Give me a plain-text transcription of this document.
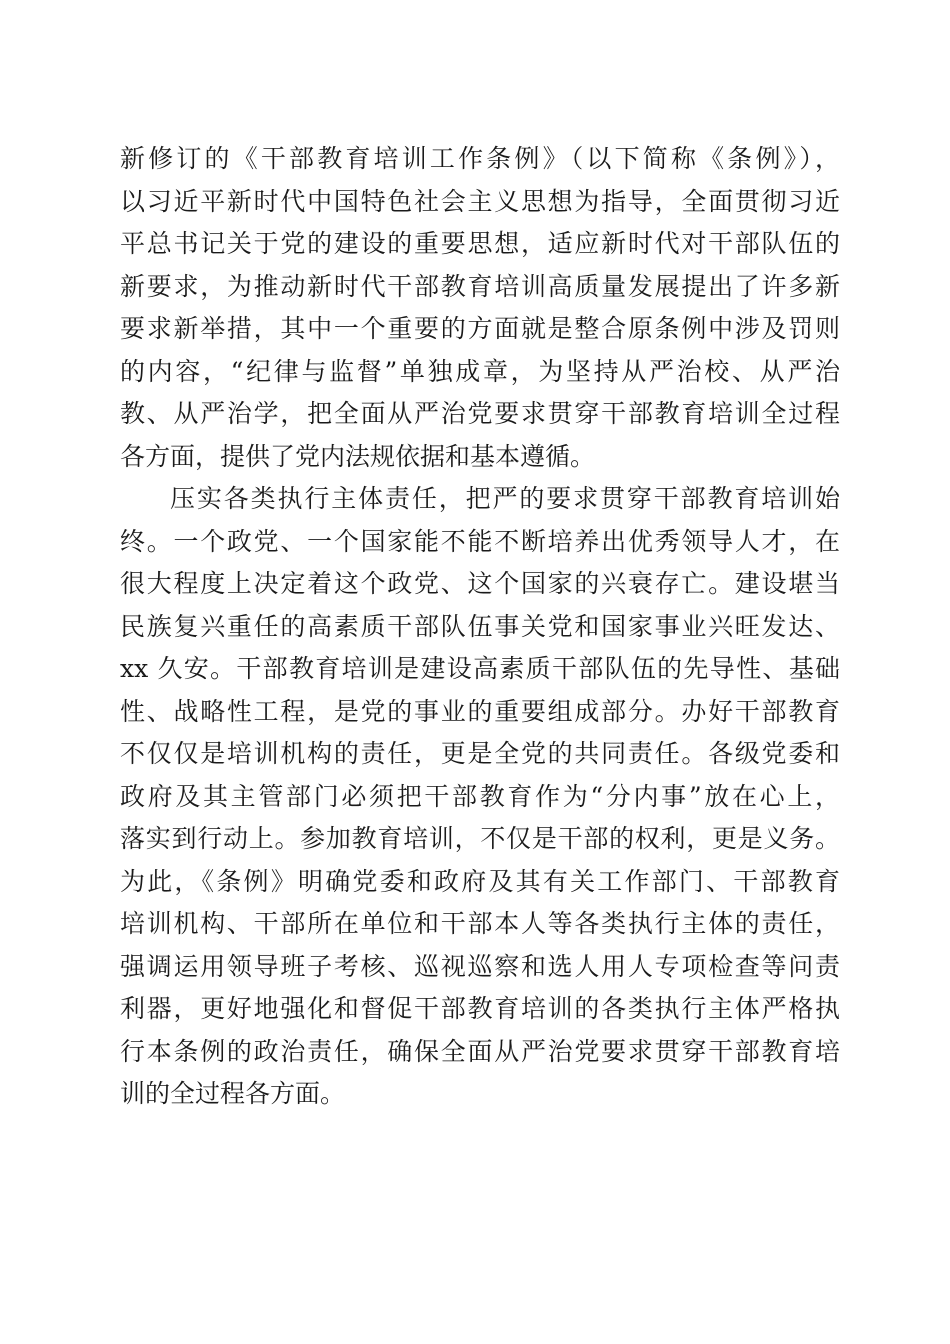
新修订的《干部教育培训工作条例》（以下简称《条例》），
以习近平新时代中国特色社会主义思想为指导，全面贯彻习近
平总书记关于党的建设的重要思想，适应新时代对干部队伍的
新要求，为推动新时代干部教育培训高质量发展提出了许多新
要求新举措，其中一个重要的方面就是整合原条例中涉及罚则
的内容，“纪律与监督”单独成章，为坚持从严治校、从严治
教、从严治学，把全面从严治党要求贯穿干部教育培训全过程
各方面，提供了党内法规依据和基本遵循。
压实各类执行主体责任，把严的要求贯穿干部教育培训始
终。一个政党、一个国家能不能不断培养出优秀领导人才，在
很大程度上决定着这个政党、这个国家的兴衰存亡。建设堪当
民族复兴重任的高素质干部队伍事关党和国家事业兴旺发达、
xx 久安。干部教育培训是建设高素质干部队伍的先导性、基础
性、战略性工程，是党的事业的重要组成部分。办好干部教育
不仅仅是培训机构的责任，更是全党的共同责任。各级党委和
政府及其主管部门必须把干部教育作为“分内事”放在心上，
落实到行动上。参加教育培训，不仅是干部的权利，更是义务。
为此，《条例》明确党委和政府及其有关工作部门、干部教育
培训机构、干部所在单位和干部本人等各类执行主体的责任，
强调运用领导班子考核、巡视巡察和选人用人专项检查等问责
利器，更好地强化和督促干部教育培训的各类执行主体严格执
行本条例的政治责任，确保全面从严治党要求贯穿干部教育培
训的全过程各方面。
